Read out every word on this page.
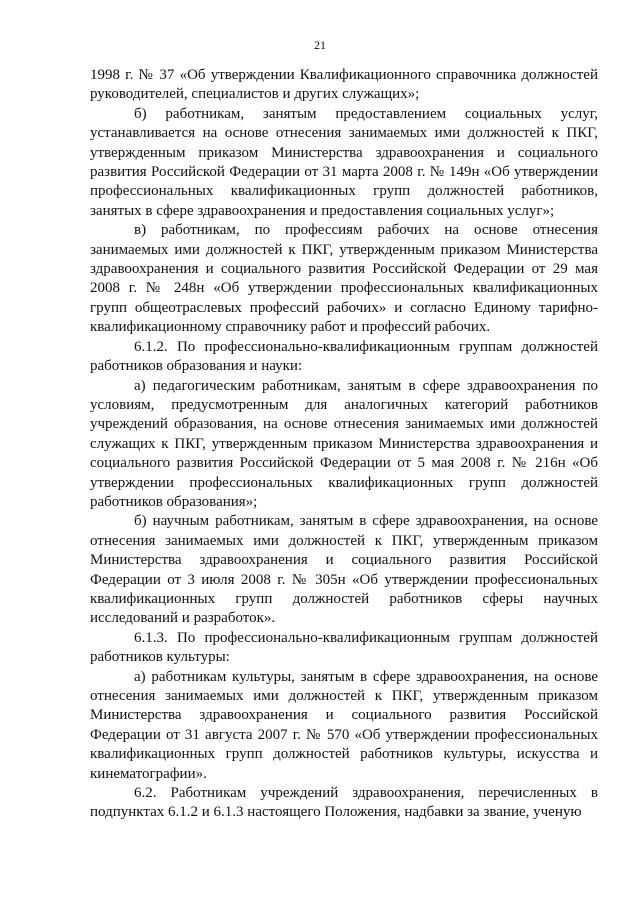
21

1998 г. № 37 «Об утверждении Квалификационного справочника должностей руководителей, специалистов и других служащих»;

б) работникам, занятым предоставлением социальных услуг, устанавливается на основе отнесения занимаемых ими должностей к ПКГ, утвержденным приказом Министерства здравоохранения и социального развития Российской Федерации от 31 марта 2008 г. № 149н «Об утверждении профессиональных квалификационных групп должностей работников, занятых в сфере здравоохранения и предоставления социальных услуг»;

в) работникам, по профессиям рабочих на основе отнесения занимаемых ими должностей к ПКГ, утвержденным приказом Министерства здравоохранения и социального развития Российской Федерации от 29 мая 2008 г. № 248н «Об утверждении профессиональных квалификационных групп общеотраслевых профессий рабочих» и согласно Единому тарифно-квалификационному справочнику работ и профессий рабочих.

6.1.2. По профессионально-квалификационным группам должностей работников образования и науки:

а) педагогическим работникам, занятым в сфере здравоохранения по условиям, предусмотренным для аналогичных категорий работников учреждений образования, на основе отнесения занимаемых ими должностей служащих к ПКГ, утвержденным приказом Министерства здравоохранения и социального развития Российской Федерации от 5 мая 2008 г. № 216н «Об утверждении профессиональных квалификационных групп должностей работников образования»;

б) научным работникам, занятым в сфере здравоохранения, на основе отнесения занимаемых ими должностей к ПКГ, утвержденным приказом Министерства здравоохранения и социального развития Российской Федерации от 3 июля 2008 г. № 305н «Об утверждении профессиональных квалификационных групп должностей работников сферы научных исследований и разработок».

6.1.3. По профессионально-квалификационным группам должностей работников культуры:

а) работникам культуры, занятым в сфере здравоохранения, на основе отнесения занимаемых ими должностей к ПКГ, утвержденным приказом Министерства здравоохранения и социального развития Российской Федерации от 31 августа 2007 г. № 570 «Об утверждении профессиональных квалификационных групп должностей работников культуры, искусства и кинематографии».

6.2. Работникам учреждений здравоохранения, перечисленных в подпунктах 6.1.2 и 6.1.3 настоящего Положения, надбавки за звание, ученую
